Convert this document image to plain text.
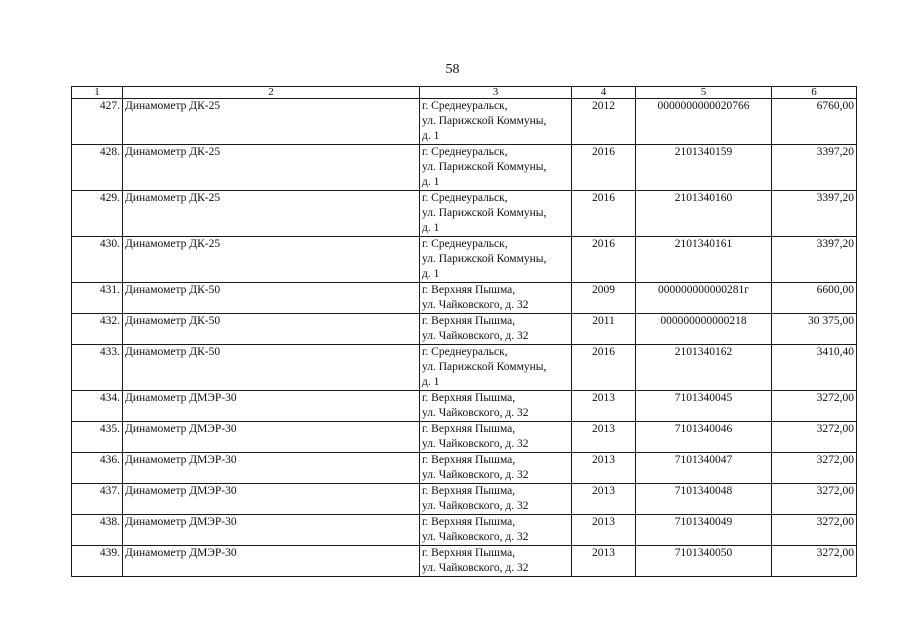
58
1	2	3	4	5	6
427.	Динамометр ДК-25	г. Среднеуральск,
ул. Парижской Коммуны,
д. 1	2012	0000000000020766	6760,00
428.	Динамометр ДК-25	г. Среднеуральск,
ул. Парижской Коммуны,
д. 1	2016	2101340159	3397,20
429.	Динамометр ДК-25	г. Среднеуральск,
ул. Парижской Коммуны,
д. 1	2016	2101340160	3397,20
430.	Динамометр ДК-25	г. Среднеуральск,
ул. Парижской Коммуны,
д. 1	2016	2101340161	3397,20
431.	Динамометр ДК-50	г. Верхняя Пышма,
ул. Чайковского, д. 32	2009	000000000000281г	6600,00
432.	Динамометр ДК-50	г. Верхняя Пышма,
ул. Чайковского, д. 32	2011	000000000000218	30 375,00
433.	Динамометр ДК-50	г. Среднеуральск,
ул. Парижской Коммуны,
д. 1	2016	2101340162	3410,40
434.	Динамометр ДМЭР-30	г. Верхняя Пышма,
ул. Чайковского, д. 32	2013	7101340045	3272,00
435.	Динамометр ДМЭР-30	г. Верхняя Пышма,
ул. Чайковского, д. 32	2013	7101340046	3272,00
436.	Динамометр ДМЭР-30	г. Верхняя Пышма,
ул. Чайковского, д. 32	2013	7101340047	3272,00
437.	Динамометр ДМЭР-30	г. Верхняя Пышма,
ул. Чайковского, д. 32	2013	7101340048	3272,00
438.	Динамометр ДМЭР-30	г. Верхняя Пышма,
ул. Чайковского, д. 32	2013	7101340049	3272,00
439.	Динамометр ДМЭР-30	г. Верхняя Пышма,
ул. Чайковского, д. 32	2013	7101340050	3272,00
